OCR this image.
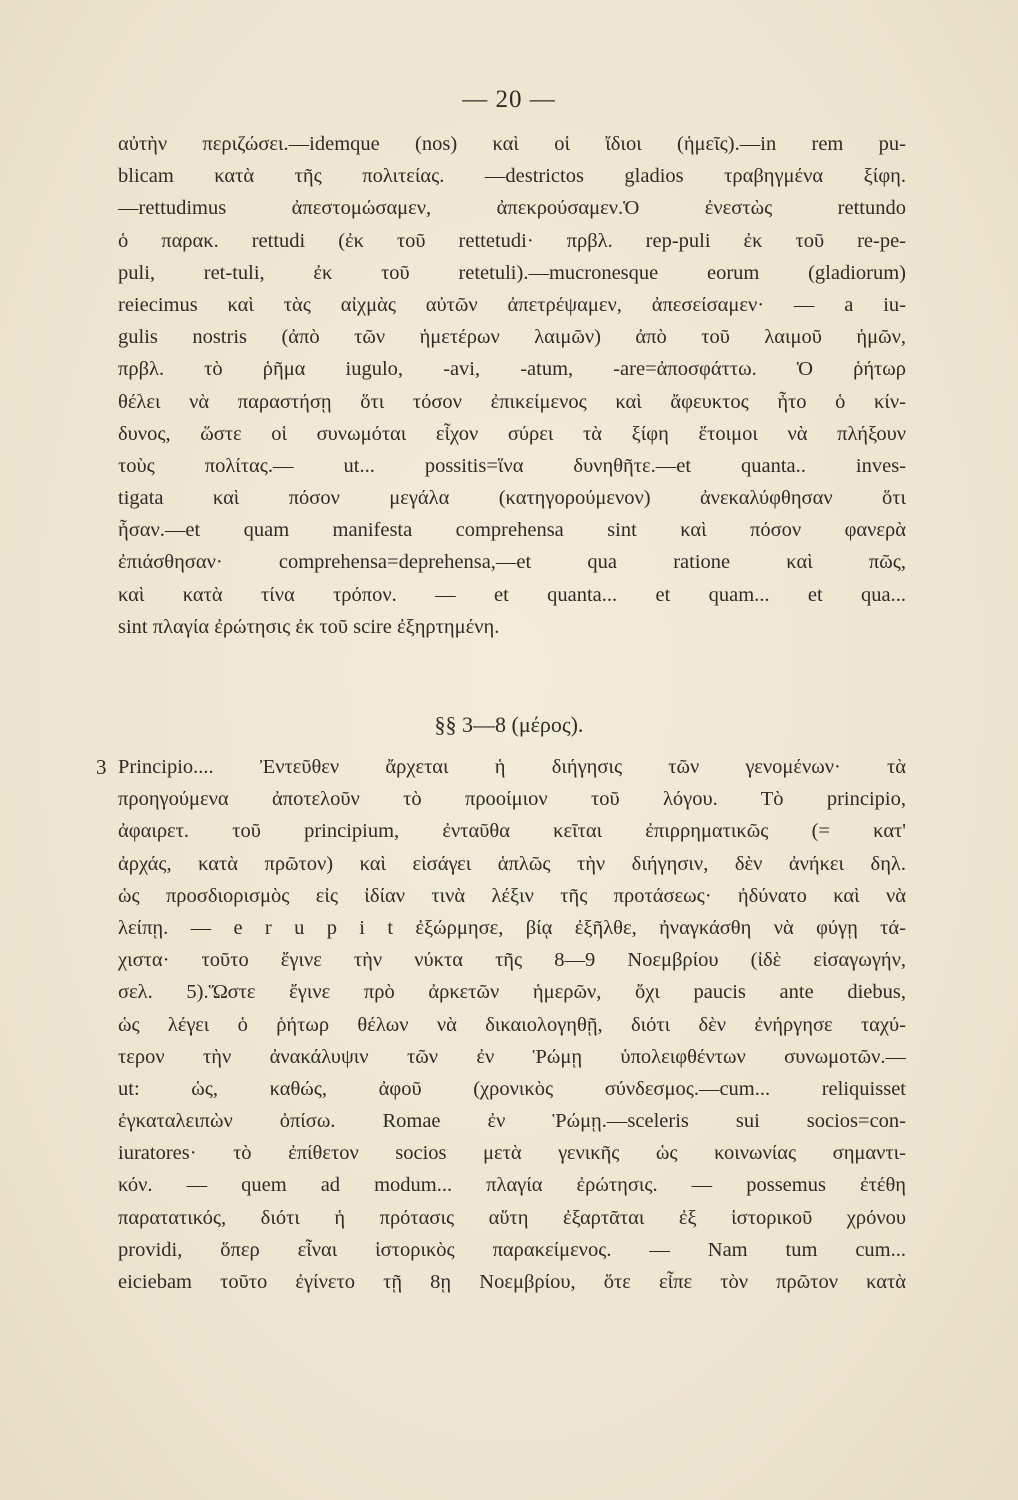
— 20 —
αὐτὴν περιζώσει.—idemque (nos) καὶ οἱ ἴδιοι (ἡμεῖς).—in rem pu-
blicam κατὰ τῆς πολιτείας. —destrictos gladios τραβηγμένα ξίφη.
—rettudimus ἀπεστομώσαμεν, ἀπεκρούσαμεν.Ὁ ἐνεστὼς rettundo
ὁ παρακ. rettudi (ἐκ τοῦ rettetudi· πρβλ. rep-puli ἐκ τοῦ re-pe-
puli, ret-tuli, ἐκ τοῦ retetuli).—mucronesque eorum (gladiorum)
reiecimus καὶ τὰς αἰχμὰς αὐτῶν ἀπετρέψαμεν, ἀπεσείσαμεν· — a iu-
gulis nostris (ἀπὸ τῶν ἡμετέρων λαιμῶν) ἀπὸ τοῦ λαιμοῦ ἡμῶν,
πρβλ. τὸ ῥῆμα iugulo, -avi, -atum, -are=ἀποσφάττω. Ὁ ῥήτωρ
θέλει νὰ παραστήσῃ ὅτι τόσον ἐπικείμενος καὶ ἄφευκτος ἦτο ὁ κίν-
δυνος, ὥστε οἱ συνωμόται εἶχον σύρει τὰ ξίφη ἕτοιμοι νὰ πλήξουν
τοὺς πολίτας.— ut... possitis=ἵνα δυνηθῆτε.—et quanta.. inves-
tigata καὶ πόσον μεγάλα (κατηγορούμενον) ἀνεκαλύφθησαν ὅτι
ἦσαν.—et quam manifesta comprehensa sint καὶ πόσον φανερὰ
ἐπιάσθησαν· comprehensa=deprehensa,—et qua ratione καὶ πῶς,
καὶ κατὰ τίνα τρόπον. — et quanta... et quam... et qua...
sint πλαγία ἐρώτησις ἐκ τοῦ scire ἐξηρτημένη.
§§ 3—8 (μέρος).
3 Principio.... Ἐντεῦθεν ἄρχεται ἡ διήγησις τῶν γενομένων· τὰ
προηγούμενα ἀποτελοῦν τὸ προοίμιον τοῦ λόγου. Τὸ principio,
ἀφαιρετ. τοῦ principium, ἐνταῦθα κεῖται ἐπιρρηματικῶς (= κατ'
ἀρχάς, κατὰ πρῶτον) καὶ εἰσάγει ἁπλῶς τὴν διήγησιν, δὲν ἀνήκει δηλ.
ὡς προσδιορισμὸς εἰς ἰδίαν τινὰ λέξιν τῆς προτάσεως· ἠδύνατο καὶ νὰ
λείπῃ. — e r u p i t ἐξώρμησε, βίᾳ ἐξῆλθε, ἠναγκάσθη νὰ φύγῃ τά-
χιστα· τοῦτο ἔγινε τὴν νύκτα τῆς 8—9 Νοεμβρίου (ἰδὲ εἰσαγωγήν,
σελ. 5).Ὥστε ἔγινε πρὸ ἀρκετῶν ἡμερῶν, ὄχι paucis ante diebus,
ὡς λέγει ὁ ῥήτωρ θέλων νὰ δικαιολογηθῇ, διότι δὲν ἐνήργησε ταχύ-
τερον τὴν ἀνακάλυψιν τῶν ἐν Ῥώμῃ ὑπολειφθέντων συνωμοτῶν.—
ut: ὡς, καθώς, ἀφοῦ (χρονικὸς σύνδεσμος.—cum... reliquisset
ἐγκαταλειπὼν ὀπίσω. Romae ἐν Ῥώμῃ.—sceleris sui socios=con-
iuratores· τὸ ἐπίθετον socios μετὰ γενικῆς ὡς κοινωνίας σημαντι-
κόν. — quem ad modum... πλαγία ἐρώτησις. — possemus ἐτέθη
παρατατικός, διότι ἡ πρότασις αὕτη ἐξαρτᾶται ἐξ ἱστορικοῦ χρόνου
providi, ὅπερ εἶναι ἱστορικὸς παρακείμενος. — Nam tum cum...
eiciebam τοῦτο ἐγίνετο τῇ 8ῃ Νοεμβρίου, ὅτε εἶπε τὸν πρῶτον κατὰ
